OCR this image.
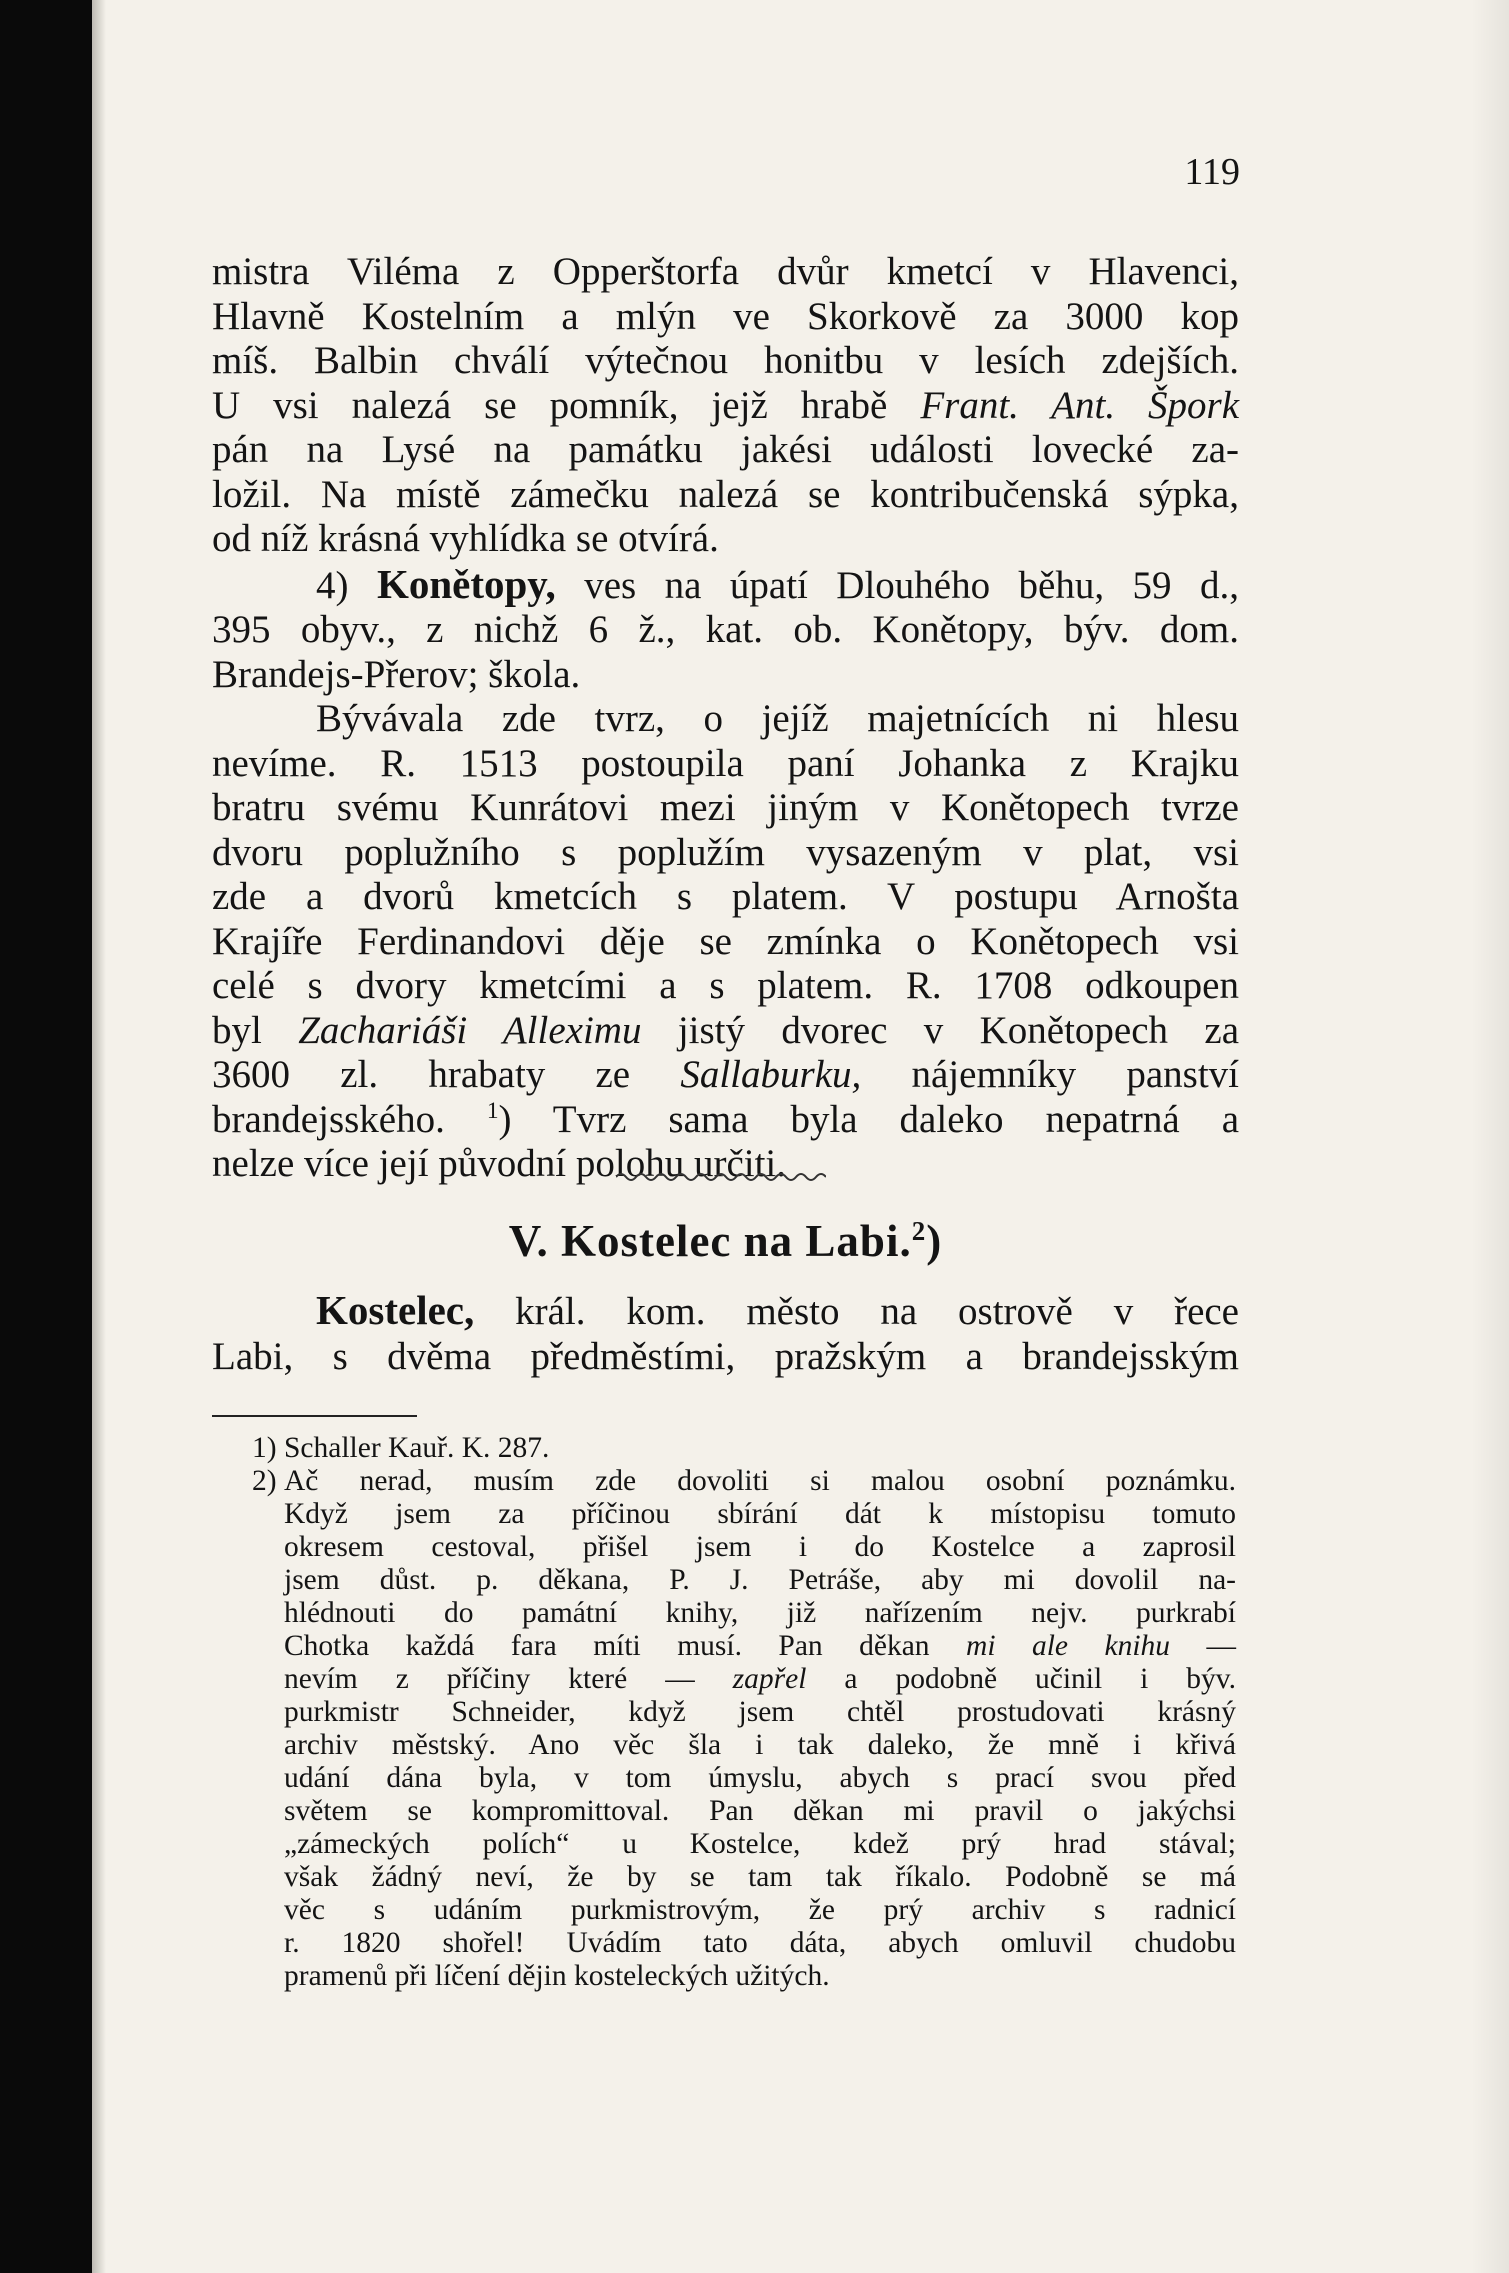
119

mistra Viléma z Opperštorfa dvůr kmetcí v Hlavenci,

Hlavně Kostelním a mlýn ve Skorkově za 3000 kop

míš. Balbin chválí výtečnou honitbu v lesích zdejších.

U vsi nalezá se pomník, jejž hrabě Frant. Ant. Špork

pán na Lysé na památku jakési události lovecké za-

ložil. Na místě zámečku nalezá se kontribučenská sýpka,

od níž krásná vyhlídka se otvírá.

4) Konětopy, ves na úpatí Dlouhého běhu, 59 d.,

395 obyv., z nichž 6 ž., kat. ob. Konětopy, býv. dom.

Brandejs-Přerov; škola.

Bývávala zde tvrz, o jejíž majetnících ni hlesu

nevíme. R. 1513 postoupila paní Johanka z Krajku

bratru svému Kunrátovi mezi jiným v Konětopech tvrze

dvoru poplužního s poplužím vysazeným v plat, vsi

zde a dvorů kmetcích s platem. V postupu Arnošta

Krajíře Ferdinandovi děje se zmínka o Konětopech vsi

celé s dvory kmetcími a s platem. R. 1708 odkoupen

byl Zachariáši Alleximu jistý dvorec v Konětopech za

3600 zl. hrabaty ze Sallaburku, nájemníky panství

brandejsského. $^1$) Tvrz sama byla daleko nepatrná a

nelze více její původní polohu určiti.

V. Kostelec na Labi.$^2$)

Kostelec, král. kom. město na ostrově v řece

Labi, s dvěma předměstími, pražským a brandejsským

1) Schaller Kauř. K. 287.

2) Ač nerad, musím zde dovoliti si malou osobní poznámku.

Když jsem za příčinou sbírání dát k místopisu tomuto

okresem cestoval, přišel jsem i do Kostelce a zaprosil

jsem důst. p. děkana, P. J. Petráše, aby mi dovolil na-

hlédnouti do památní knihy, již nařízením nejv. purkrabí

Chotka každá fara míti musí. Pan děkan mi ale knihu —

nevím z příčiny které — zapřel a podobně učinil i býv.

purkmistr Schneider, když jsem chtěl prostudovati krásný

archiv městský. Ano věc šla i tak daleko, že mně i křivá

udání dána byla, v tom úmyslu, abych s prací svou před

světem se kompromittoval. Pan děkan mi pravil o jakýchsi

„zámeckých polích“ u Kostelce, kdež prý hrad stával;

však žádný neví, že by se tam tak říkalo. Podobně se má

věc s udáním purkmistrovým, že prý archiv s radnicí

r. 1820 shořel! Uvádím tato dáta, abych omluvil chudobu

pramenů při líčení dějin kosteleckých užitých.
